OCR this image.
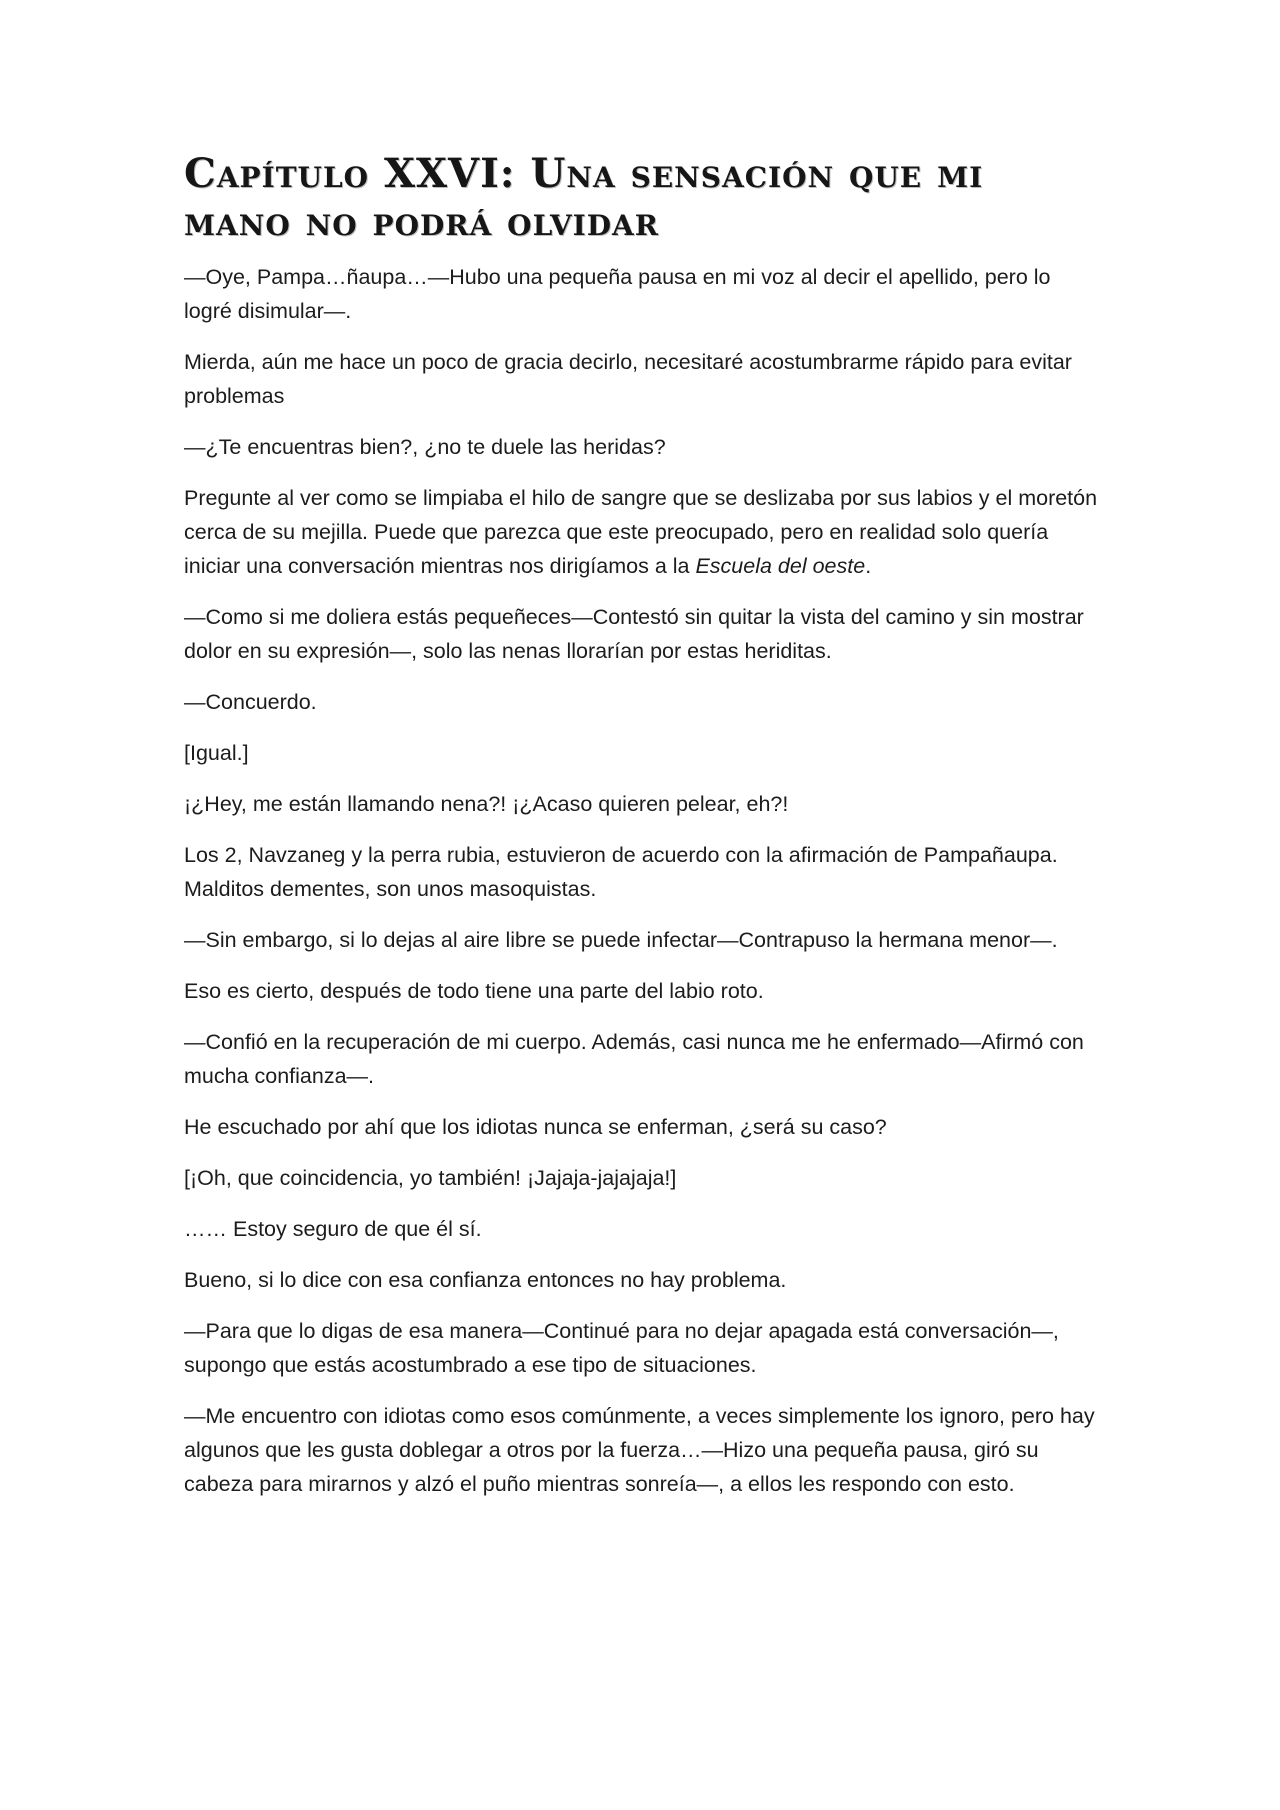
Capítulo XXVI: Una sensación que mi mano no podrá olvidar

—Oye, Pampa…ñaupa…—Hubo una pequeña pausa en mi voz al decir el apellido, pero lo logré disimular—.

Mierda, aún me hace un poco de gracia decirlo, necesitaré acostumbrarme rápido para evitar problemas

—¿Te encuentras bien?, ¿no te duele las heridas?

Pregunte al ver como se limpiaba el hilo de sangre que se deslizaba por sus labios y el moretón cerca de su mejilla. Puede que parezca que este preocupado, pero en realidad solo quería iniciar una conversación mientras nos dirigíamos a la Escuela del oeste.

—Como si me doliera estás pequeñeces—Contestó sin quitar la vista del camino y sin mostrar dolor en su expresión—, solo las nenas llorarían por estas heriditas.

—Concuerdo.

[Igual.]

¡¿Hey, me están llamando nena?! ¡¿Acaso quieren pelear, eh?!

Los 2, Navzaneg y la perra rubia, estuvieron de acuerdo con la afirmación de Pampañaupa. Malditos dementes, son unos masoquistas.

—Sin embargo, si lo dejas al aire libre se puede infectar—Contrapuso la hermana menor—.

Eso es cierto, después de todo tiene una parte del labio roto.

—Confió en la recuperación de mi cuerpo. Además, casi nunca me he enfermado—Afirmó con mucha confianza—.

He escuchado por ahí que los idiotas nunca se enferman, ¿será su caso?

[¡Oh, que coincidencia, yo también! ¡Jajaja-jajajaja!]

…… Estoy seguro de que él sí.

Bueno, si lo dice con esa confianza entonces no hay problema.

—Para que lo digas de esa manera—Continué para no dejar apagada está conversación—, supongo que estás acostumbrado a ese tipo de situaciones.

—Me encuentro con idiotas como esos comúnmente, a veces simplemente los ignoro, pero hay algunos que les gusta doblegar a otros por la fuerza…—Hizo una pequeña pausa, giró su cabeza para mirarnos y alzó el puño mientras sonreía—, a ellos les respondo con esto.
